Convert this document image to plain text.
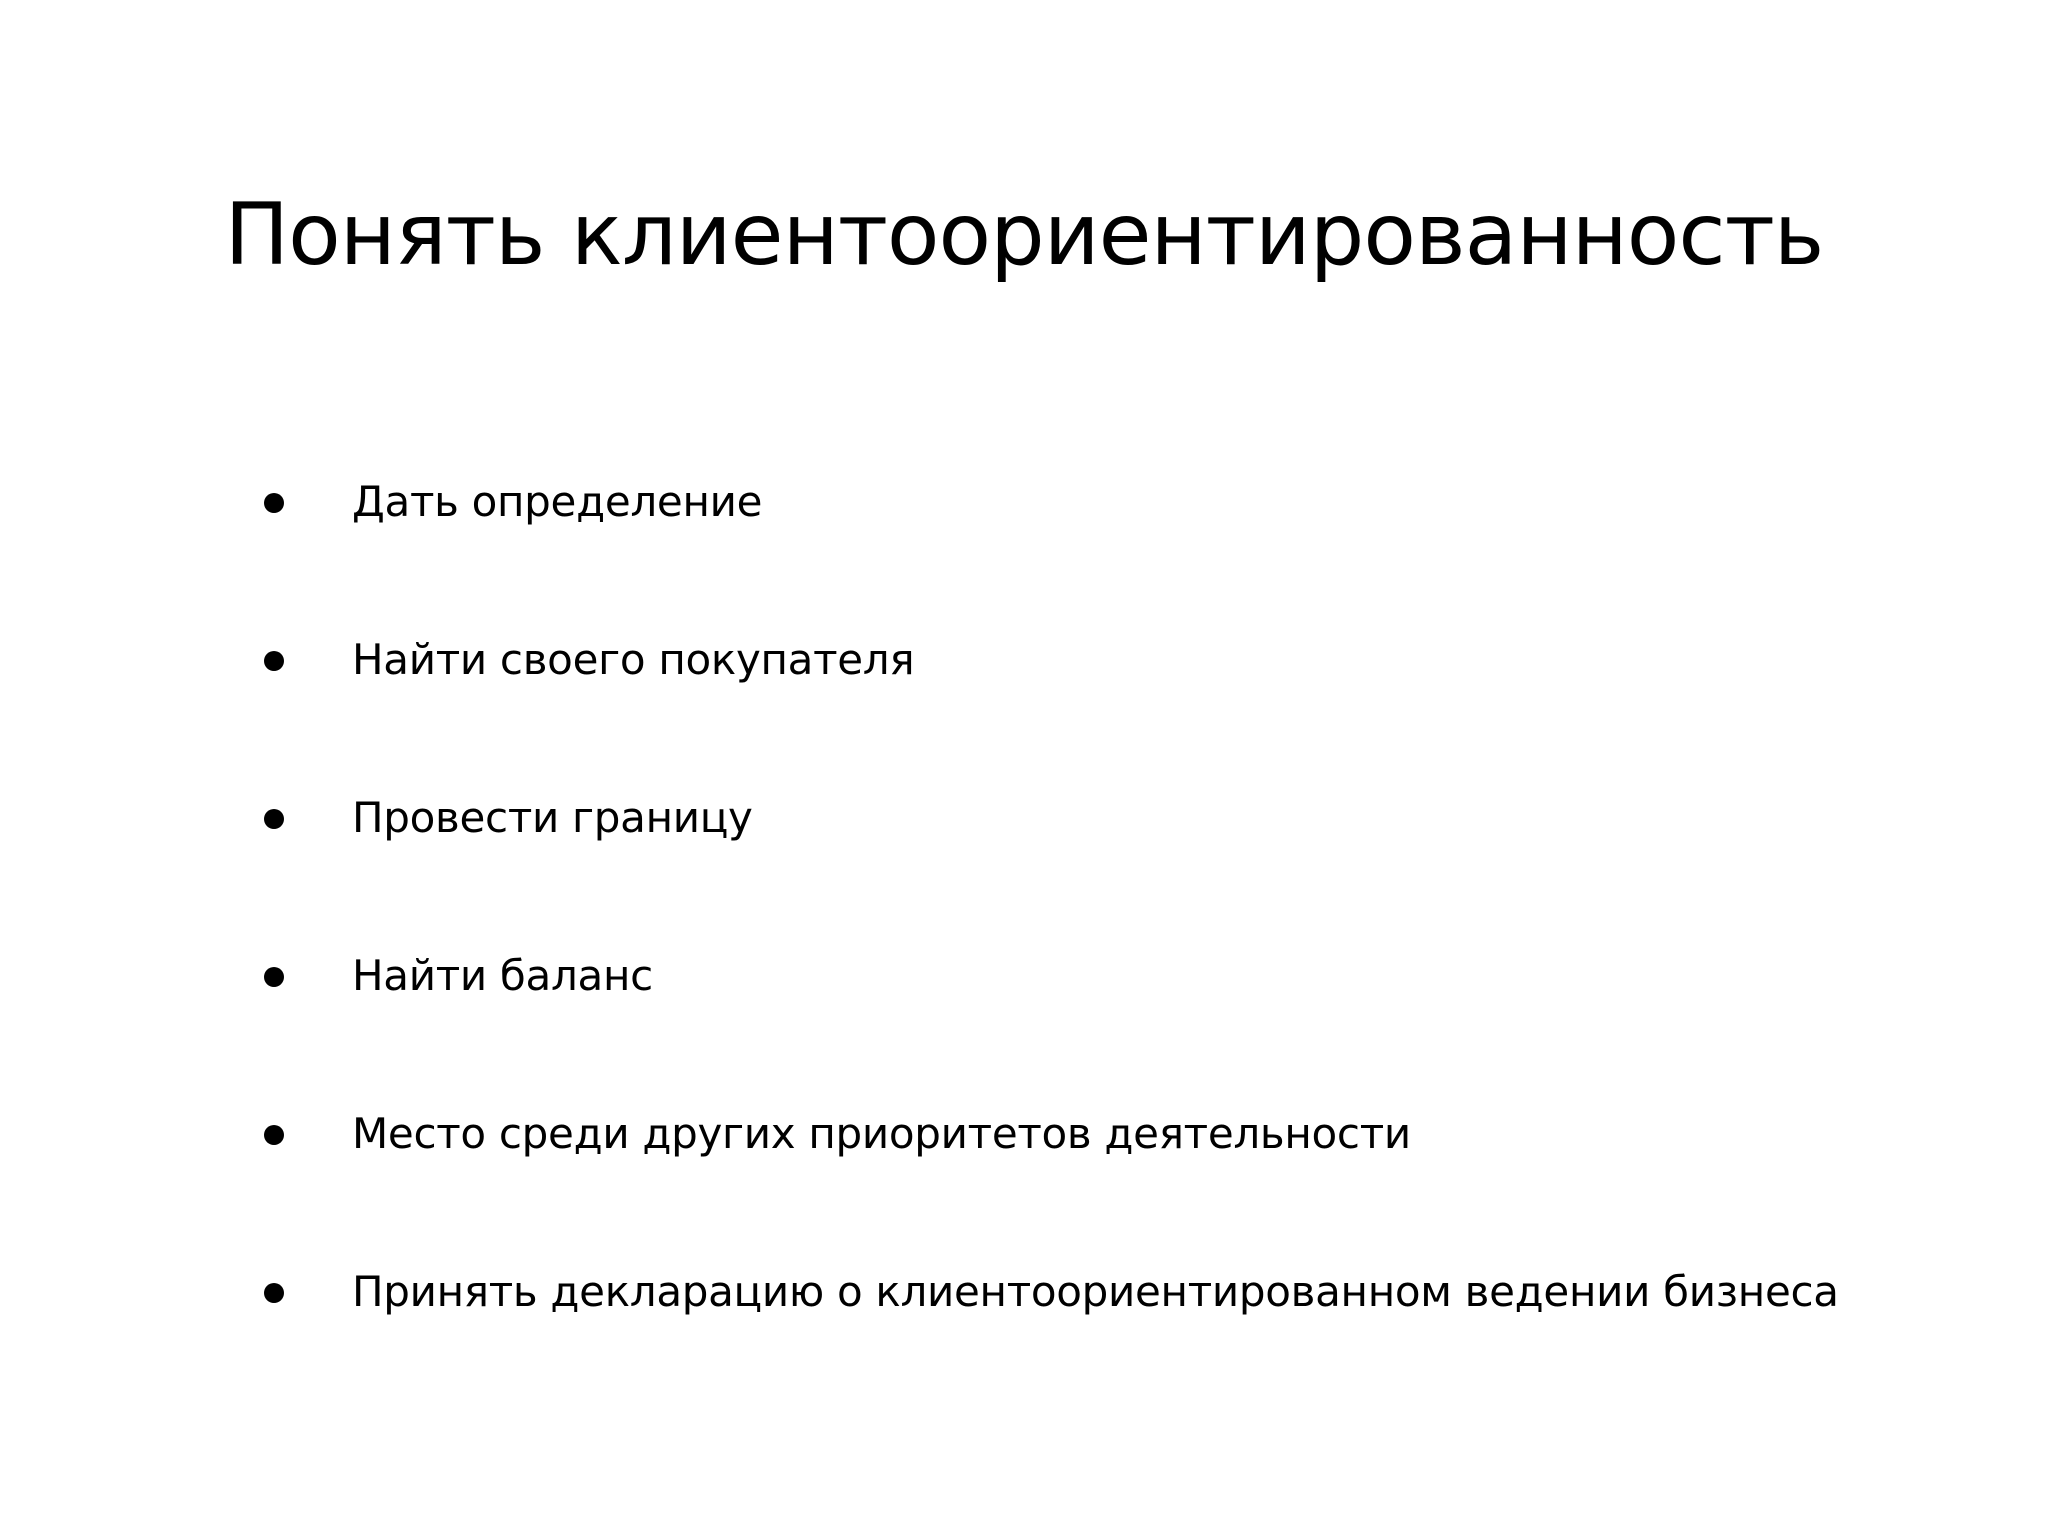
Понять клиентоориентированность
Дать определение
Найти своего покупателя
Провести границу
Найти баланс
Место среди других приоритетов деятельности
Принять декларацию о клиентоориентированном ведении бизнеса
